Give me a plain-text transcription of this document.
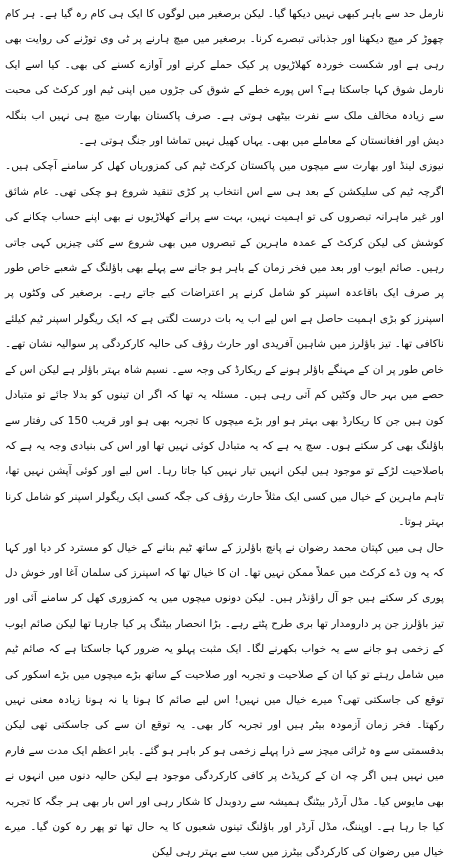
نارمل حد سے باہر کبھی نہیں دیکھا گیا۔ لیکن برصغیر میں لوگوں کا ایک ہی کام رہ گیا ہے۔ ہر کام چھوڑ کر میچ دیکھنا اور جذباتی تبصرے کرنا۔ برصغیر میں میچ ہارنے پر ٹی وی توڑنے کی روایت بھی رہی ہے اور شکست خوردہ کھلاڑیوں پر کیک حملے کرنے اور آوازے کسنے کی بھی۔ کیا اسے ایک نارمل شوق کہا جاسکتا ہے؟ اس پورے خطے کے شوق کی جڑوں میں اپنی ٹیم اور کرکٹ کی محبت سے زیادہ مخالف ملک سے نفرت بیٹھی ہوتی ہے۔ صرف پاکستان بھارت میچ ہی نہیں اب بنگلہ دیش اور افغانستان کے معاملے میں بھی۔ یہاں کھیل نہیں تماشا اور جنگ ہوتی ہے۔

نیوزی لینڈ اور بھارت سے میچوں میں پاکستان کرکٹ ٹیم کی کمزوریاں کھل کر سامنے آچکی ہیں۔ اگرچہ ٹیم کی سلیکشن کے بعد ہی سے اس انتخاب پر کڑی تنقید شروع ہو چکی تھی۔ عام شائق اور غیر ماہرانہ تبصروں کی تو اہمیت نہیں، بہت سے پرانے کھلاڑیوں نے بھی اپنے حساب چکانے کی کوشش کی لیکن کرکٹ کے عمدہ ماہرین کے تبصروں میں بھی شروع سے کئی چیزیں کہی جاتی رہیں۔ صائم ایوب اور بعد میں فخر زمان کے باہر ہو جانے سے پہلے بھی باؤلنگ کے شعبے خاص طور پر صرف ایک باقاعدہ اسپنر کو شامل کرنے پر اعتراضات کیے جاتے رہے۔ برصغیر کی وکٹوں پر اسپنرز کو بڑی اہمیت حاصل ہے اس لیے اب یہ بات درست لگتی ہے کہ ایک ریگولر اسپنر ٹیم کیلئے ناکافی تھا۔ تیز باؤلرز میں شاہین آفریدی اور حارث رؤف کی حالیہ کارکردگی پر سوالیہ نشان تھے۔ خاص طور پر ان کے مہنگے باؤلر ہونے کے ریکارڈ کی وجہ سے۔ نسیم شاہ بہتر باؤلر ہے لیکن اس کے حصے میں بہر حال وکٹیں کم آتی رہی ہیں۔ مسئلہ یہ تھا کہ اگر ان تینوں کو بدلا جائے تو متبادل کون ہیں جن کا ریکارڈ بھی بہتر ہو اور بڑے میچوں کا تجربہ بھی ہو اور قریب 150 کی رفتار سے باؤلنگ بھی کر سکتے ہوں۔ سچ یہ ہے کہ یہ متبادل کوئی نہیں تھا اور اس کی بنیادی وجہ یہ ہے کہ باصلاحیت لڑکے تو موجود ہیں لیکن انہیں تیار نہیں کیا جاتا رہا۔ اس لیے اور کوئی آپشن نہیں تھا، تاہم ماہرین کے خیال میں کسی ایک مثلاً حارث رؤف کی جگہ کسی ایک ریگولر اسپنر کو شامل کرنا بہتر ہوتا۔

حال ہی میں کپتان محمد رضوان نے پانچ باؤلرز کے ساتھ ٹیم بنانے کے خیال کو مسترد کر دیا اور کہا کہ یہ ون ڈے کرکٹ میں عملاً ممکن نہیں تھا۔ ان کا خیال تھا کہ اسپنرز کی سلمان آغا اور خوش دل پوری کر سکتے ہیں جو آل راؤنڈر ہیں۔ لیکن دونوں میچوں میں یہ کمزوری کھل کر سامنے آئی اور تیز باؤلرز جن پر دارومدار تھا بری طرح پٹتے رہے۔ بڑا انحصار بیٹنگ پر کیا جارہا تھا لیکن صائم ایوب کے زخمی ہو جانے سے یہ خواب بکھرنے لگا۔ ایک مثبت پہلو یہ ضرور کہا جاسکتا ہے کہ صائم ٹیم میں شامل رہتے تو کیا ان کے صلاحیت و تجربہ اور صلاحیت کے ساتھ بڑے میچوں میں بڑے اسکور کی توقع کی جاسکتی تھی؟ میرے خیال میں نہیں! اس لیے صائم کا ہونا یا نہ ہونا زیادہ معنی نہیں رکھتا۔ فخر زمان آزمودہ بیٹر ہیں اور تجربہ کار بھی۔ یہ توقع ان سے کی جاسکتی تھی لیکن بدقسمتی سے وہ ٹرائی میچز سے ذرا پہلے زخمی ہو کر باہر ہو گئے۔ بابر اعظم ایک مدت سے فارم میں نہیں ہیں اگر چہ ان کے کریڈٹ پر کافی کارکردگی موجود ہے لیکن حالیہ دنوں میں انہوں نے بھی مایوس کیا۔ مڈل آرڈر بیٹنگ ہمیشہ سے ردوبدل کا شکار رہی اور اس بار بھی ہر جگہ کا تجربہ کیا جا رہا ہے۔ اوپننگ، مڈل آرڈر اور باؤلنگ تینوں شعبوں کا یہ حال تھا تو پھر رہ کون گیا۔ میرے خیال میں رضوان کی کارکردگی بیٹرز میں سب سے بہتر رہی لیکن
